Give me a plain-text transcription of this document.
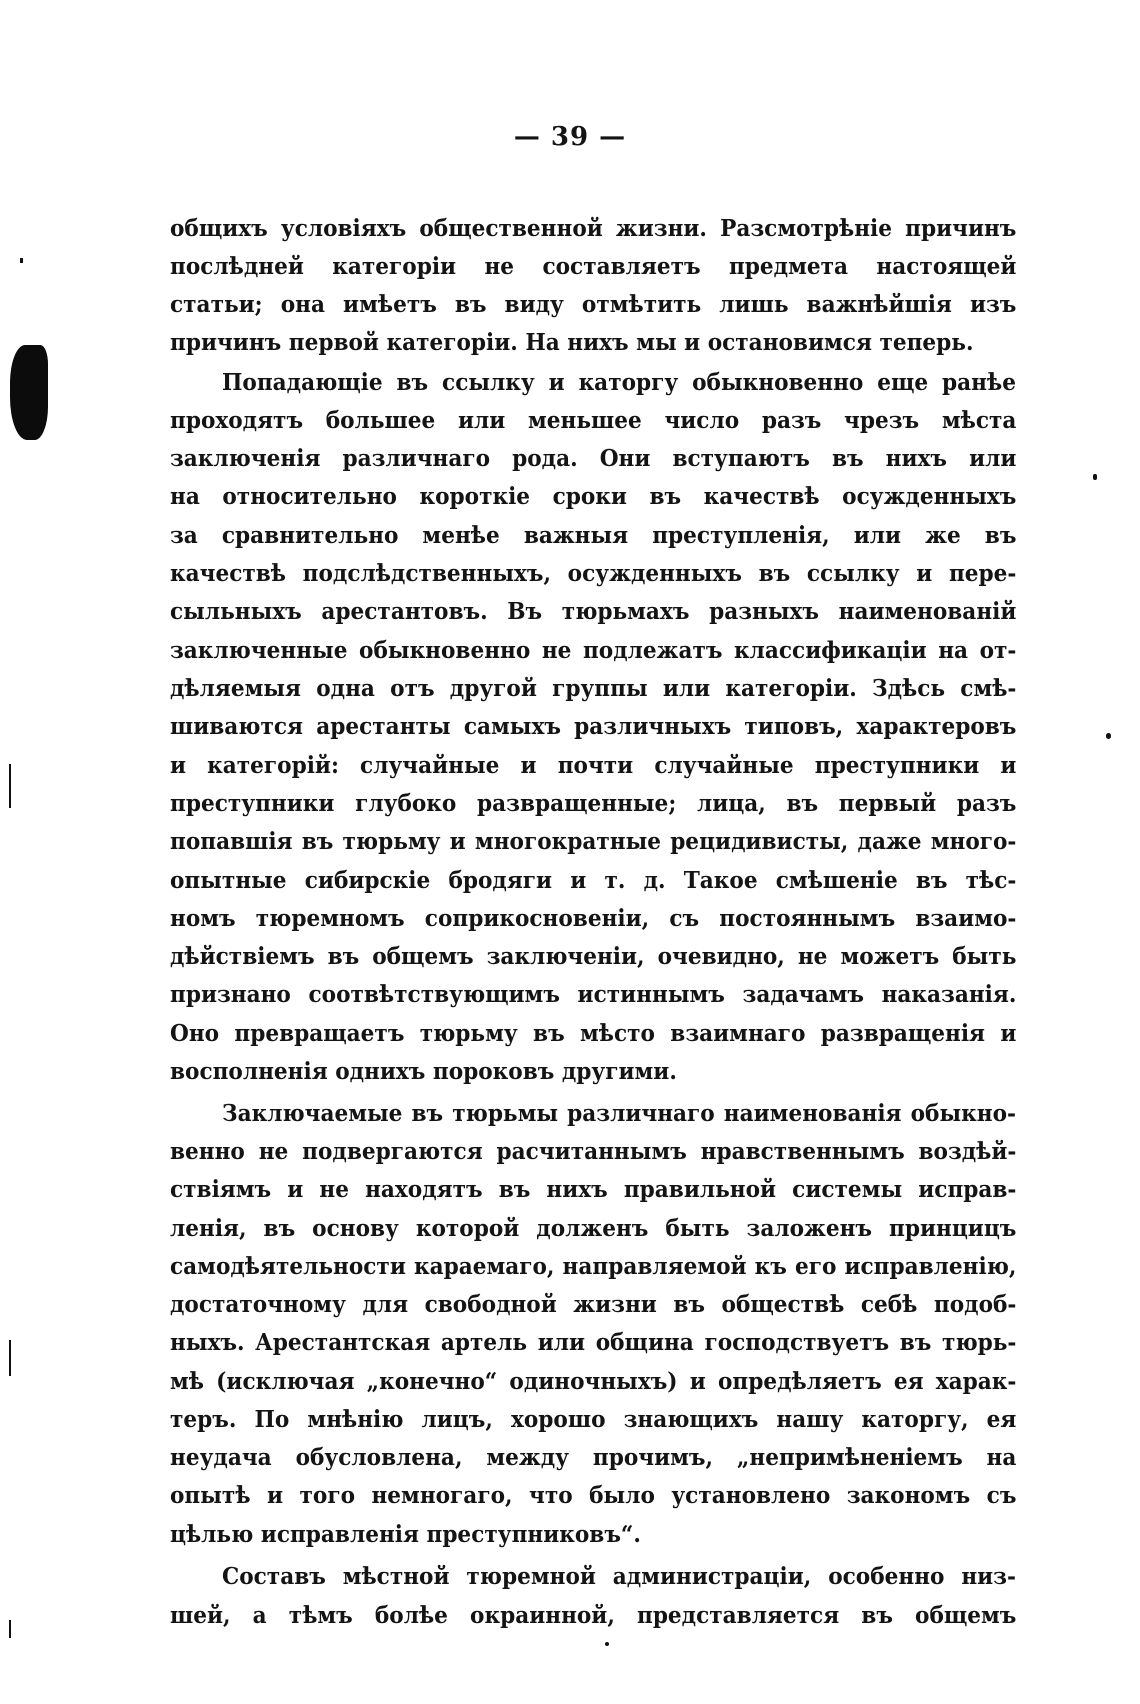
— 39 —
общихъ условіяхъ общественной жизни. Разсмотрѣніе причинъ
послѣдней категоріи не составляетъ предмета настоящей
статьи; она имѣетъ въ виду отмѣтить лишь важнѣйшія изъ
причинъ первой категоріи. На нихъ мы и остановимся теперь.
Попадающіе въ ссылку и каторгу обыкновенно еще ранѣе
проходятъ большее или меньшее число разъ чрезъ мѣста
заключенія различнаго рода. Они вступаютъ въ нихъ или
на относительно короткіе сроки въ качествѣ осужденныхъ
за сравнительно менѣе важныя преступленія, или же въ
качествѣ подслѣдственныхъ, осужденныхъ въ ссылку и пере-
сыльныхъ арестантовъ. Въ тюрьмахъ разныхъ наименованій
заключенные обыкновенно не подлежатъ классификаціи на от-
дѣляемыя одна отъ другой группы или категоріи. Здѣсь смѣ-
шиваются арестанты самыхъ различныхъ типовъ, характеровъ
и категорій: случайные и почти случайные преступники и
преступники глубоко развращенные; лица, въ первый разъ
попавшія въ тюрьму и многократные рецидивисты, даже много-
опытные сибирскіе бродяги и т. д. Такое смѣшеніе въ тѣс-
номъ тюремномъ соприкосновеніи, съ постояннымъ взаимо-
дѣйствіемъ въ общемъ заключеніи, очевидно, не можетъ быть
признано соотвѣтствующимъ истиннымъ задачамъ наказанія.
Оно превращаетъ тюрьму въ мѣсто взаимнаго развращенія и
восполненія однихъ пороковъ другими.
Заключаемые въ тюрьмы различнаго наименованія обыкно-
венно не подвергаются расчитаннымъ нравственнымъ воздѣй-
ствіямъ и не находятъ въ нихъ правильной системы исправ-
ленія, въ основу которой долженъ быть заложенъ принцицъ
самодѣятельности караемаго, направляемой къ его исправленію,
достаточному для свободной жизни въ обществѣ себѣ подоб-
ныхъ. Арестантская артель или община господствуетъ въ тюрь-
мѣ (исключая „конечно“ одиночныхъ) и опредѣляетъ ея харак-
теръ. По мнѣнію лицъ, хорошо знающихъ нашу каторгу, ея
неудача обусловлена, между прочимъ, „непримѣненіемъ на
опытѣ и того немногаго, что было установлено закономъ съ
цѣлью исправленія преступниковъ“.
Составъ мѣстной тюремной администраціи, особенно низ-
шей, а тѣмъ болѣе окраинной, представляется въ общемъ
